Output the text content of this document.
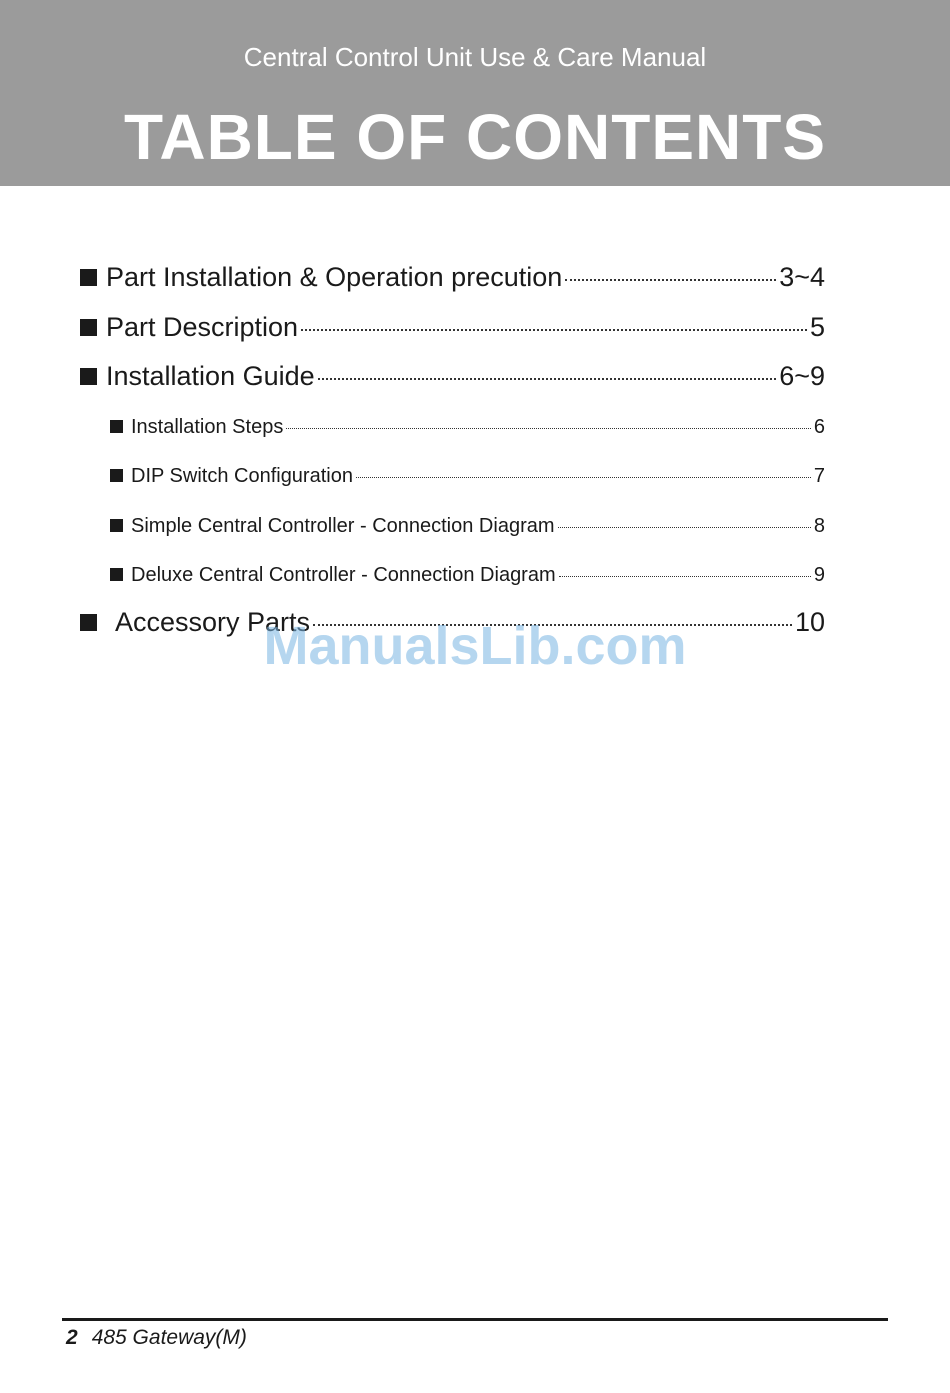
Central Control Unit Use & Care Manual
TABLE OF CONTENTS
Part Installation & Operation precution	3~4
Part Description	5
Installation Guide	6~9
Installation Steps	6
DIP Switch Configuration	7
Simple Central Controller - Connection Diagram	8
Deluxe Central Controller - Connection Diagram	9
Accessory Parts	10
ManualsLib.com
2 485 Gateway(M)
